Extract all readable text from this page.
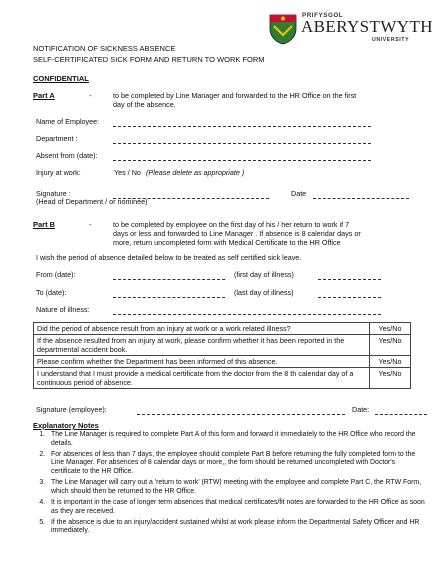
PRIFYSGOL
ABERYSTWYTH
UNIVERSITY
NOTIFICATION OF SICKNESS ABSENCE
SELF-CERTIFICATED SICK FORM AND RETURN TO WORK FORM
CONFIDENTIAL
Part A	-	to be completed by Line Manager and forwarded to the HR Office on the first
day of the absence.
Name of Employee:
Department :
Absent from (date):
Injury at work:	Yes / No (Please delete as appropriate )
Signature :	Date
(Head of Department / or nominee)
Part B	-	to be completed by employee on the first day of his / her return to work if 7
days or less and forwarded to Line Manager . If absence is 8 calendar days or
more, return uncompleted form with Medical Certificate to the HR Office
I wish the period of absence detailed below to be treated as self certified sick leave.
From (date):	(first day of illness)
To (date):	(last day of illness)
Nature of illness:
Did the period of absence result from an injury at work or a work related illness?	Yes/No
If the absence resulted from an injury at work, please confirm whether it has been reported in the departmental accident book.	Yes/No
Please confirm whether the Department has been informed of this absence.	Yes/No
I understand that I must provide a medical certificate from the doctor from the 8 th calendar day of a continuous period of absence.	Yes/No
Signature (employee):	Date:
Explanatory Notes
1. The Line Manager is required to complete Part A of this form and forward it immediately to the HR Office who record the details.
2. For absences of less than 7 days, the employee should complete Part B before returning the fully completed form to the Line Manager. For absences of 8 calendar days or more,, the form should be returned uncompleted with Doctor's certificate to the HR Office.
3. The Line Manager will carry out a 'return to work' (RTW) meeting with the employee and complete Part C, the RTW Form, which should then be returned to the HR Office.
4. It is important in the case of longer term absences that medical certificates/fit notes are forwarded to the HR Office as soon as they are received.
5. If the absence is due to an injury/accident sustained whilst at work please inform the Departmental Safety Officer and HR immediately.
